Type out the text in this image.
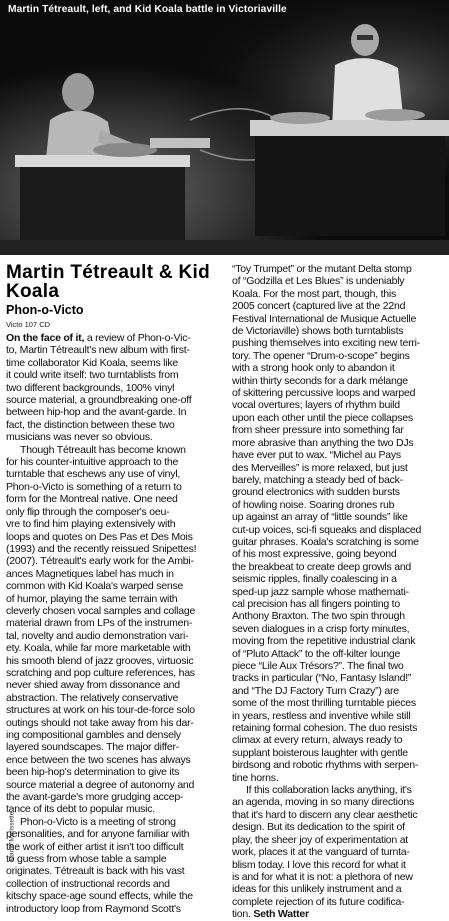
Martin Tétreault, left, and Kid Koala battle in Victoriaville

Martin Tétreault & Kid Koala
Phon-o-Victo
Victo 107 CD
On the face of it, a review of Phon-o-Vic-
to, Martin Tétreault's new album with first-
time collaborator Kid Koala, seems like
it could write itself: two turntablists from
two different backgrounds, 100% vinyl
source material, a groundbreaking one-off
between hip-hop and the avant-garde. In
fact, the distinction between these two
musicians was never so obvious.
Though Tétreault has become known
for his counter-intuitive approach to the
turntable that eschews any use of vinyl,
Phon-o-Victo is something of a return to
form for the Montreal native. One need
only flip through the composer's oeu-
vre to find him playing extensively with
loops and quotes on Des Pas et Des Mois
(1993) and the recently reissued Snipettes!
(2007). Tétreault's early work for the Ambi-
ances Magnetiques label has much in
common with Kid Koala's warped sense
of humor, playing the same terrain with
cleverly chosen vocal samples and collage
material drawn from LPs of the instrumen-
tal, novelty and audio demonstration vari-
ety. Koala, while far more marketable with
his smooth blend of jazz grooves, virtuosic
scratching and pop culture references, has
never shied away from dissonance and
abstraction. The relatively conservative
structures at work on his tour-de-force solo
outings should not take away from his dar-
ing compositional gambles and densely
layered soundscapes. The major differ-
ence between the two scenes has always
been hip-hop's determination to give its
source material a degree of autonomy and
the avant-garde's more grudging accep-
tance of its debt to popular music.
Phon-o-Victo is a meeting of strong
personalities, and for anyone familiar with
the work of either artist it isn't too difficult
to guess from whose table a sample
originates. Tétreault is back with his vast
collection of instructional records and
kitschy space-age sound effects, while the
introductory loop from Raymond Scott's
“Toy Trumpet” or the mutant Delta stomp
of “Godzilla et Les Blues” is undeniably
Koala. For the most part, though, this
2005 concert (captured live at the 22nd
Festival International de Musique Actuelle
de Victoriaville) shows both turntablists
pushing themselves into exciting new terri-
tory. The opener “Drum-o-scope” begins
with a strong hook only to abandon it
within thirty seconds for a dark mélange
of skittering percussive loops and warped
vocal overtures; layers of rhythm build
upon each other until the piece collapses
from sheer pressure into something far
more abrasive than anything the two DJs
have ever put to wax. “Michel au Pays
des Merveilles” is more relaxed, but just
barely, matching a steady bed of back-
ground electronics with sudden bursts
of howling noise. Soaring drones rub
up against an array of “little sounds” like
cut-up voices, sci-fi squeaks and displaced
guitar phrases. Koala's scratching is some
of his most expressive, going beyond
the breakbeat to create deep growls and
seismic ripples, finally coalescing in a
sped-up jazz sample whose mathemati-
cal precision has all fingers pointing to
Anthony Braxton. The two spin through
seven dialogues in a crisp forty minutes,
moving from the repetitive industrial clank
of “Pluto Attack” to the off-kilter lounge
piece “Lile Aux Trésors?”. The final two
tracks in particular (“No, Fantasy Island!”
and “The DJ Factory Turn Crazy”) are
some of the most thrilling turntable pieces
in years, restless and inventive while still
retaining formal cohesion. The duo resists
climax at every return, always ready to
supplant boisterous laughter with gentle
birdsong and robotic rhythms with serpen-
tine horns.
If this collaboration lacks anything, it's
an agenda, moving in so many directions
that it's hard to discern any clear aesthetic
design. But its dedication to the spirit of
play, the sheer joy of experimentation at
work, places it at the vanguard of turnta-
blism today. I love this record for what it
is and for what it is not: a plethora of new
ideas for this unlikely instrument and a
complete rejection of its future codifica-
tion. Seth Watter
Martin Morissette
